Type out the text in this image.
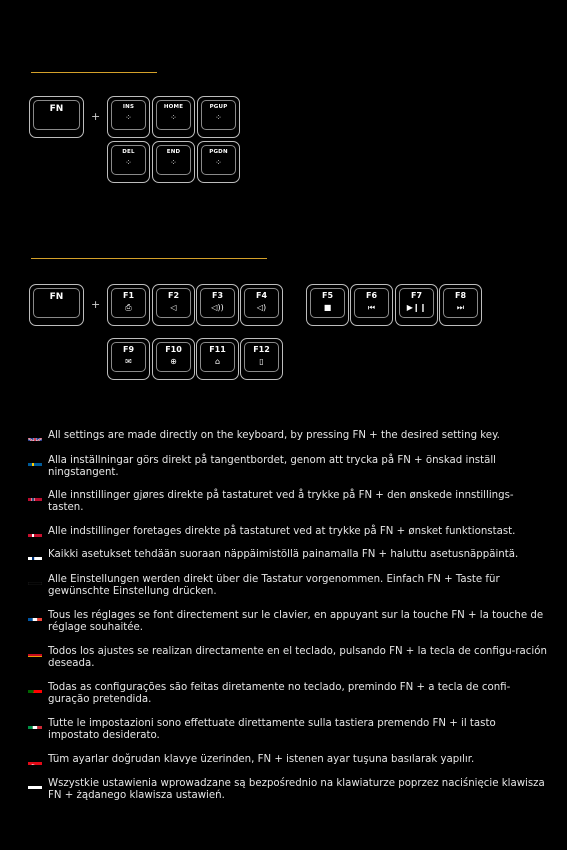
FN
+
INS
⁘
HOME
⁘
PGUP
⁘
DEL
⁘
END
⁘
PGDN
⁘
FN
+
F1
⎙
F2
◁
F3
◁))
F4
◁)
F5
■
F6
⏮
F7
▶❙❙
F8
⏭
F9
✉
F10
⊕
F11
⌂
F12
▯
All settings are made directly on the keyboard, by pressing FN + the desired setting key.
Alla inställningar görs direkt på tangentbordet, genom att trycka på FN + önskad inställ ningstangent.
Alle innstillinger gjøres direkte på tastaturet ved å trykke på FN + den ønskede innstillings-tasten.
Alle indstillinger foretages direkte på tastaturet ved at trykke på FN + ønsket funktionstast.
Kaikki asetukset tehdään suoraan näppäimistöllä painamalla FN + haluttu asetusnäppäintä.
Alle Einstellungen werden direkt über die Tastatur vorgenommen. Einfach FN + Taste für gewünschte Einstellung drücken.
Tous les réglages se font directement sur le clavier, en appuyant sur la touche FN + la touche de réglage souhaitée.
Todos los ajustes se realizan directamente en el teclado, pulsando FN + la tecla de configu-ración deseada.
Todas as configurações são feitas diretamente no teclado, premindo FN + a tecla de confi-guração pretendida.
Tutte le impostazioni sono effettuate direttamente sulla tastiera premendo FN + il tasto impostato desiderato.
Tüm ayarlar doğrudan klavye üzerinden, FN + istenen ayar tuşuna basılarak yapılır.
Wszystkie ustawienia wprowadzane są bezpośrednio na klawiaturze poprzez naciśnięcie klawisza FN + żądanego klawisza ustawień.
